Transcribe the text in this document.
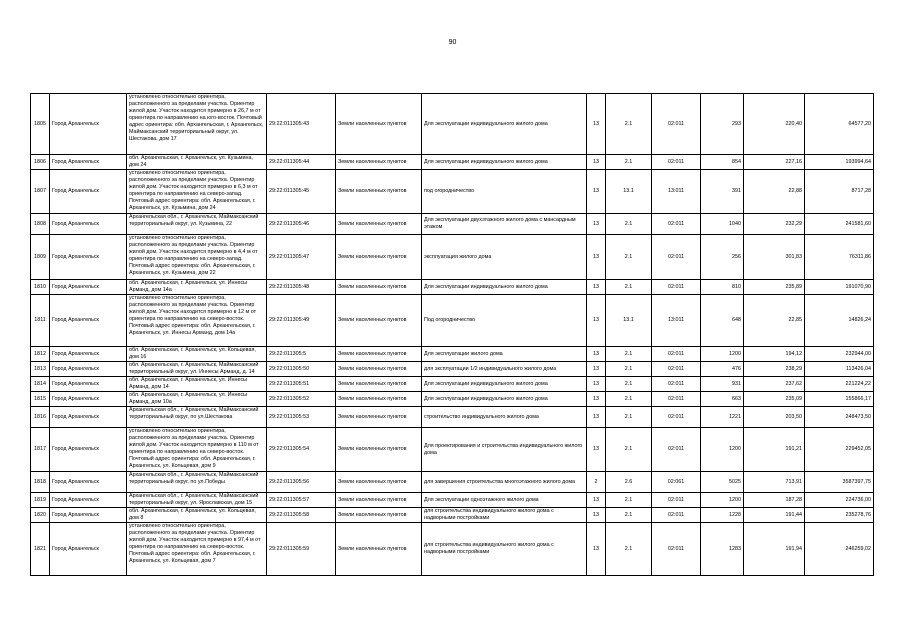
90
1805	Город Архангельск	установлено относительно ориентира, расположенного за пределами участка. Ориентир жилой дом. Участок находится примерно в 26,7 м от ориентира по направлению на юго-восток. Почтовый адрес ориентира: обл. Архангельская, г. Архангельск, Маймаксанский территориальный округ, ул. Шестакова, дом 17	29:22:011305:43	Земли населенных пунктов	Для эксплуатации индивидуального жилого дома	13	2.1	02:011	293	220,40	64577,20
1806	Город Архангельск	обл. Архангельская, г. Архангельск, ул. Кузьмина, дом 24	29:22:011305:44	Земли населенных пунктов	Для эксплуатации индивидуального жилого дома	13	2.1	02:011	854	227,16	193994,64
1807	Город Архангельск	установлено относительно ориентира, расположенного за пределами участка. Ориентир жилой дом. Участок находится примерно в 6,3 м от ориентира по направлению на северо-запад. Почтовый адрес ориентира: обл. Архангельская, г. Архангельск, ул. Кузьмина, дом 24	29:22:011305:45	Земли населенных пунктов	под огородничество	13	13.1	13:011	391	22,88	8717,28
1808	Город Архангельск	Архангельская обл., г. Архангельск, Маймаксанский территориальный округ, ул. Кузьмина, 22	29:22:011305:46	Земли населенных пунктов	Для эксплуатации двухэтажного жилого дома с мансардным этажом	13	2.1	02:011	1040	232,29	241581,60
1809	Город Архангельск	установлено относительно ориентира, расположенного за пределами участка. Ориентир жилой дом. Участок находится примерно в 4,4 м от ориентира по направлению на северо-запад. Почтовый адрес ориентира: обл. Архангельская, г. Архангельск, ул. Кузьмина, дом 22	29:22:011305:47	Земли населенных пунктов	эксплуатация жилого дома	13	2.1	02:011	256	301,83	76311,86
1810	Город Архангельск	обл. Архангельская, г. Архангельск, ул. Иннесы Арманд, дом 14а	29:22:011305:48	Земли населенных пунктов	Для эксплуатации индивидуального жилого дома	13	2.1	02:011	810	235,89	191070,90
1811	Город Архангельск	установлено относительно ориентира, расположенного за пределами участка. Ориентир жилой дом. Участок находится примерно в 12 м от ориентира по направлению на северо-восток. Почтовый адрес ориентира: обл. Архангельская, г. Архангельск, ул. Иннесы Арманд, дом 14а	29:22:011305:49	Земли населенных пунктов	Под огородничество	13	13.1	13:011	648	22,85	14826,24
1812	Город Архангельск	обл. Архангельская, г. Архангельск, ул. Кольцевая, дом 16	29:22:011305:5	Земли населенных пунктов	Для эксплуатации жилого дома	13	2.1	02:011	1200	194,12	232944,00
1813	Город Архангельск	обл. Архангельская, г. Архангельск, Маймаксанский территориальный округ, ул. Иннесы Арманд, д. 14	29:22:011305:50	Земли населенных пунктов	для эксплуатации 1/2 индивидуального жилого дома	13	2.1	02:011	476	238,29	113426,04
1814	Город Архангельск	обл. Архангельская, г. Архангельск, ул. Иннесы Арманд, дом 14	29:22:011305:51	Земли населенных пунктов	Для эксплуатации индивидуального жилого дома	13	2.1	02:011	931	237,62	221224,22
1815	Город Архангельск	обл. Архангельская, г. Архангельск, ул. Иннесы Арманд, дом 10а	29:22:011305:52	Земли населенных пунктов	Для эксплуатации индивидуального жилого дома	13	2.1	02:011	663	235,09	155866,17
1816	Город Архангельск	Архангельская обл., г. Архангельск, Маймаксанский территориальный округ, по ул.Шестакова	29:22:011305:53	Земли населенных пунктов	строительство индивидуального жилого дома	13	2.1	02:011	1221	203,50	248473,50
1817	Город Архангельск	установлено относительно ориентира, расположенного за пределами участка. Ориентир жилой дом. Участок находится примерно в 110 м от ориентира по направлению на северо-восток. Почтовый адрес ориентира: обл. Архангельская, г. Архангельск, ул. Кольцевая, дом 9	29:22:011305:54	Земли населенных пунктов	Для проектирования и строительства индивидуального жилого дома	13	2.1	02:011	1200	191,21	229452,05
1818	Город Архангельск	Архангельская обл., г. Архангельск, Маймаксанский территориальный округ, по ул.Победы	29:22:011305:56	Земли населенных пунктов	для завершения строительства многоэтажного жилого дома	2	2.6	02:061	5025	713,91	3587397,75
1819	Город Архангельск	Архангельская обл., г. Архангельск, Маймаксанский территориальный округ, ул. Ярославская, дом 15	29:22:011305:57	Земли населенных пунктов	Для эксплуатации одноэтажного жилого дома	13	2.1	02:011	1200	187,28	224736,00
1820	Город Архангельск	обл. Архангельская, г. Архангельск, ул. Кольцевая, дом 8	29:22:011305:58	Земли населенных пунктов	для строительства индивидуального жилого дома с надворными постройками	13	2.1	02:011	1228	191,44	235278,76
1821	Город Архангельск	установлено относительно ориентира, расположенного за пределами участка. Ориентир жилой дом. Участок находится примерно в 97,4 м от ориентира по направлению на северо-восток. Почтовый адрес ориентира: обл. Архангельская, г. Архангельск, ул. Кольцевая, дом 7	29:22:011305:59	Земли населенных пунктов	для строительства индивидуального жилого дома с надворными постройками	13	2.1	02:011	1283	191,94	246259,02
